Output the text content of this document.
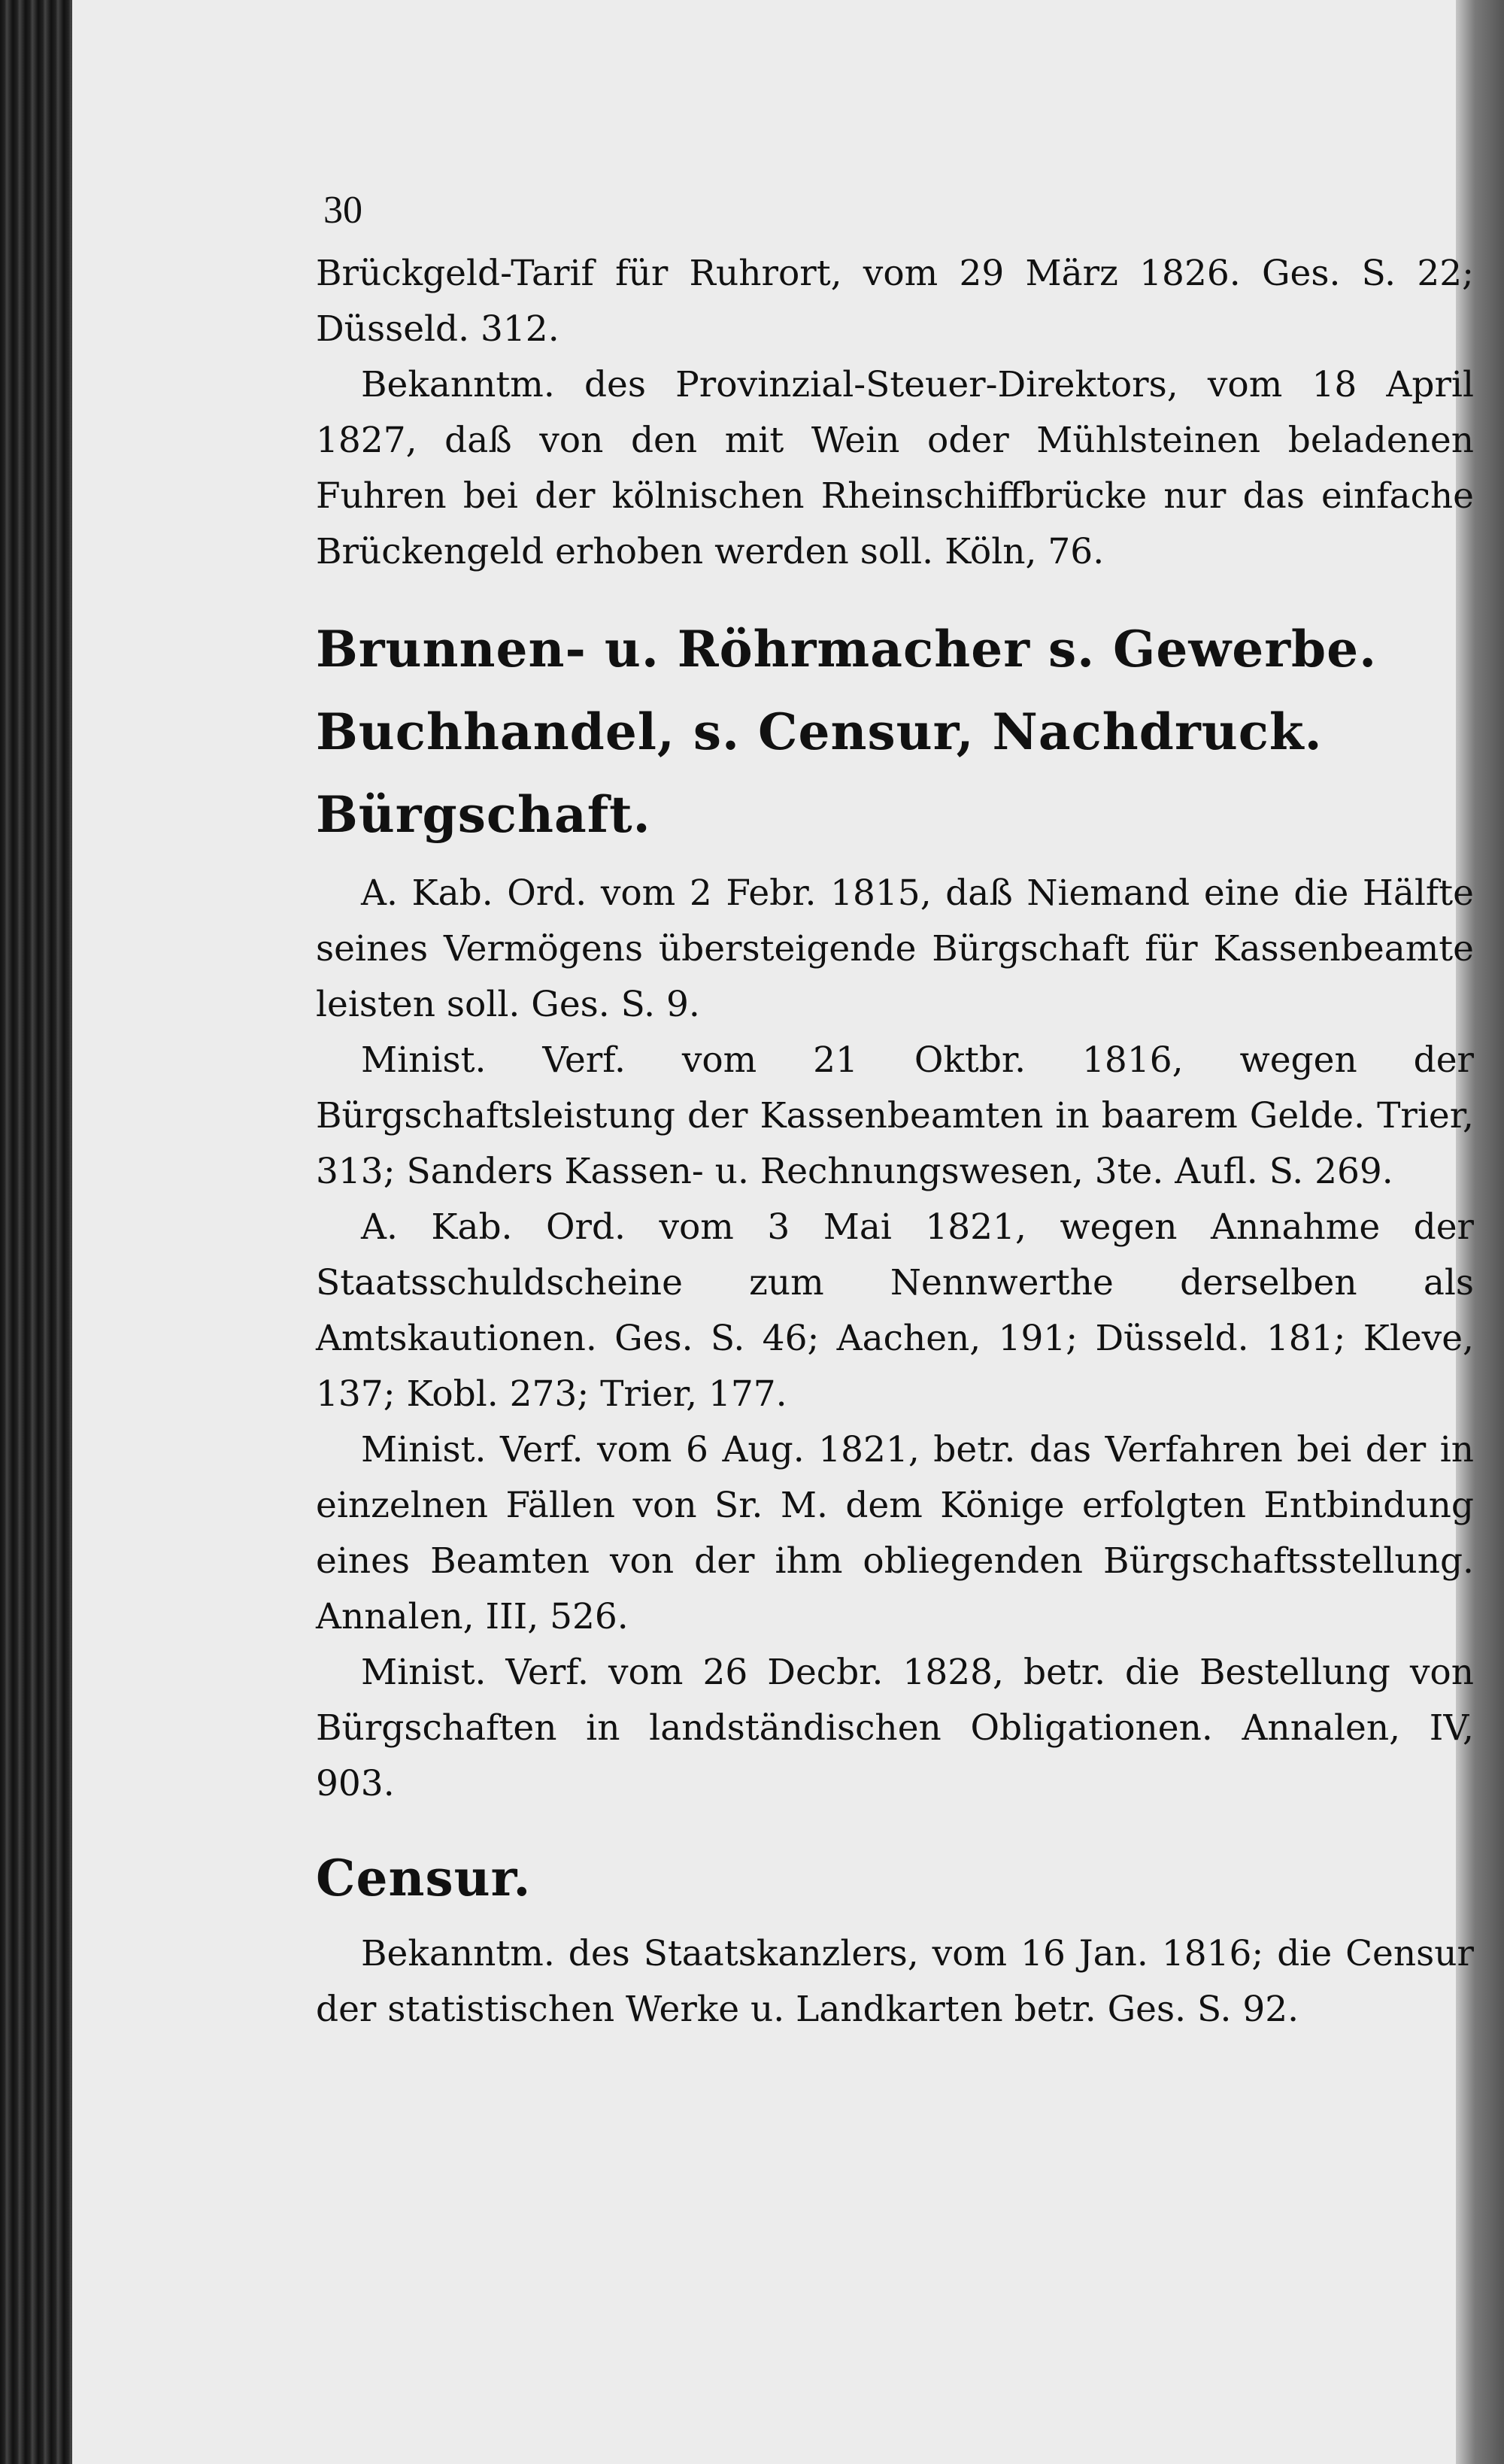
30

Brückgeld-Tarif für Ruhrort, vom 29 März 1826. Ges. S. 22; Düsseld. 312.

Bekanntm. des Provinzial-Steuer-Direktors, vom 18 April 1827, daß von den mit Wein oder Mühlsteinen beladenen Fuhren bei der kölnischen Rheinschiffbrücke nur das einfache Brückengeld erhoben werden soll. Köln, 76.

Brunnen- u. Röhrmacher s. Gewerbe.
Buchhandel, s. Censur, Nachdruck.
Bürgschaft.

A. Kab. Ord. vom 2 Febr. 1815, daß Niemand eine die Hälfte seines Vermögens übersteigende Bürgschaft für Kassenbeamte leisten soll. Ges. S. 9.

Minist. Verf. vom 21 Oktbr. 1816, wegen der Bürgschaftsleistung der Kassenbeamten in baarem Gelde. Trier, 313; Sanders Kassen- u. Rechnungswesen, 3te. Aufl. S. 269.

A. Kab. Ord. vom 3 Mai 1821, wegen Annahme der Staatsschuldscheine zum Nennwerthe derselben als Amtskautionen. Ges. S. 46; Aachen, 191; Düsseld. 181; Kleve, 137; Kobl. 273; Trier, 177.

Minist. Verf. vom 6 Aug. 1821, betr. das Verfahren bei der in einzelnen Fällen von Sr. M. dem Könige erfolgten Entbindung eines Beamten von der ihm obliegenden Bürgschaftsstellung. Annalen, III, 526.

Minist. Verf. vom 26 Decbr. 1828, betr. die Bestellung von Bürgschaften in landständischen Obligationen. Annalen, IV, 903.

Censur.

Bekanntm. des Staatskanzlers, vom 16 Jan. 1816; die Censur der statistischen Werke u. Landkarten betr. Ges. S. 92.
